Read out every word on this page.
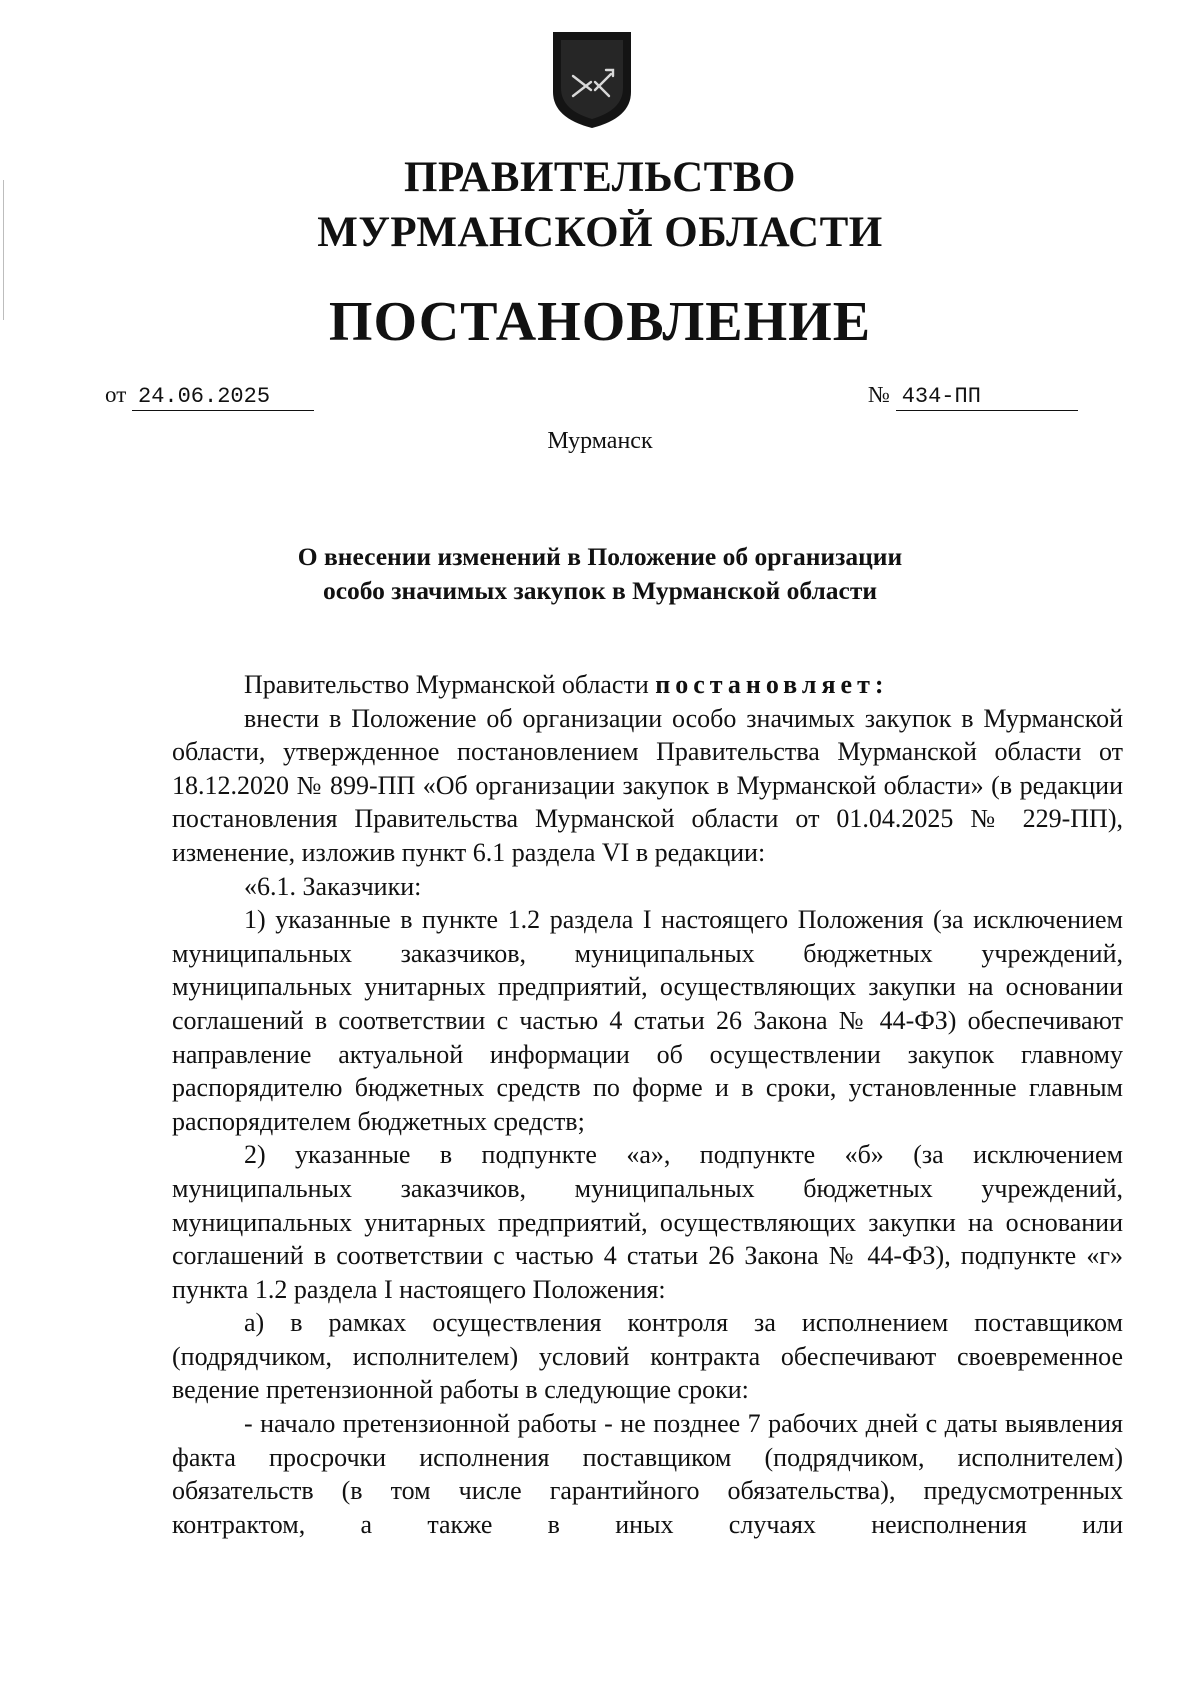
ПРАВИТЕЛЬСТВО
МУРМАНСКОЙ ОБЛАСТИ
ПОСТАНОВЛЕНИЕ
от 24.06.2025	№ 434-ПП
Мурманск
О внесении изменений в Положение об организации
особо значимых закупок в Мурманской области

Правительство Мурманской области постановляет:

внести в Положение об организации особо значимых закупок в Мурманской области, утвержденное постановлением Правительства Мурманской области от 18.12.2020 № 899-ПП «Об организации закупок в Мурманской области» (в редакции постановления Правительства Мурманской области от 01.04.2025 № 229-ПП), изменение, изложив пункт 6.1 раздела VI в редакции:

«6.1. Заказчики:

1) указанные в пункте 1.2 раздела I настоящего Положения (за исключением муниципальных заказчиков, муниципальных бюджетных учреждений, муниципальных унитарных предприятий, осуществляющих закупки на основании соглашений в соответствии с частью 4 статьи 26 Закона № 44-ФЗ) обеспечивают направление актуальной информации об осуществлении закупок главному распорядителю бюджетных средств по форме и в сроки, установленные главным распорядителем бюджетных средств;

2) указанные в подпункте «а», подпункте «б» (за исключением муниципальных заказчиков, муниципальных бюджетных учреждений, муниципальных унитарных предприятий, осуществляющих закупки на основании соглашений в соответствии с частью 4 статьи 26 Закона № 44-ФЗ), подпункте «г» пункта 1.2 раздела I настоящего Положения:

а) в рамках осуществления контроля за исполнением поставщиком (подрядчиком, исполнителем) условий контракта обеспечивают своевременное ведение претензионной работы в следующие сроки:

- начало претензионной работы - не позднее 7 рабочих дней с даты выявления факта просрочки исполнения поставщиком (подрядчиком, исполнителем) обязательств (в том числе гарантийного обязательства), предусмотренных контрактом, а также в иных случаях неисполнения или
